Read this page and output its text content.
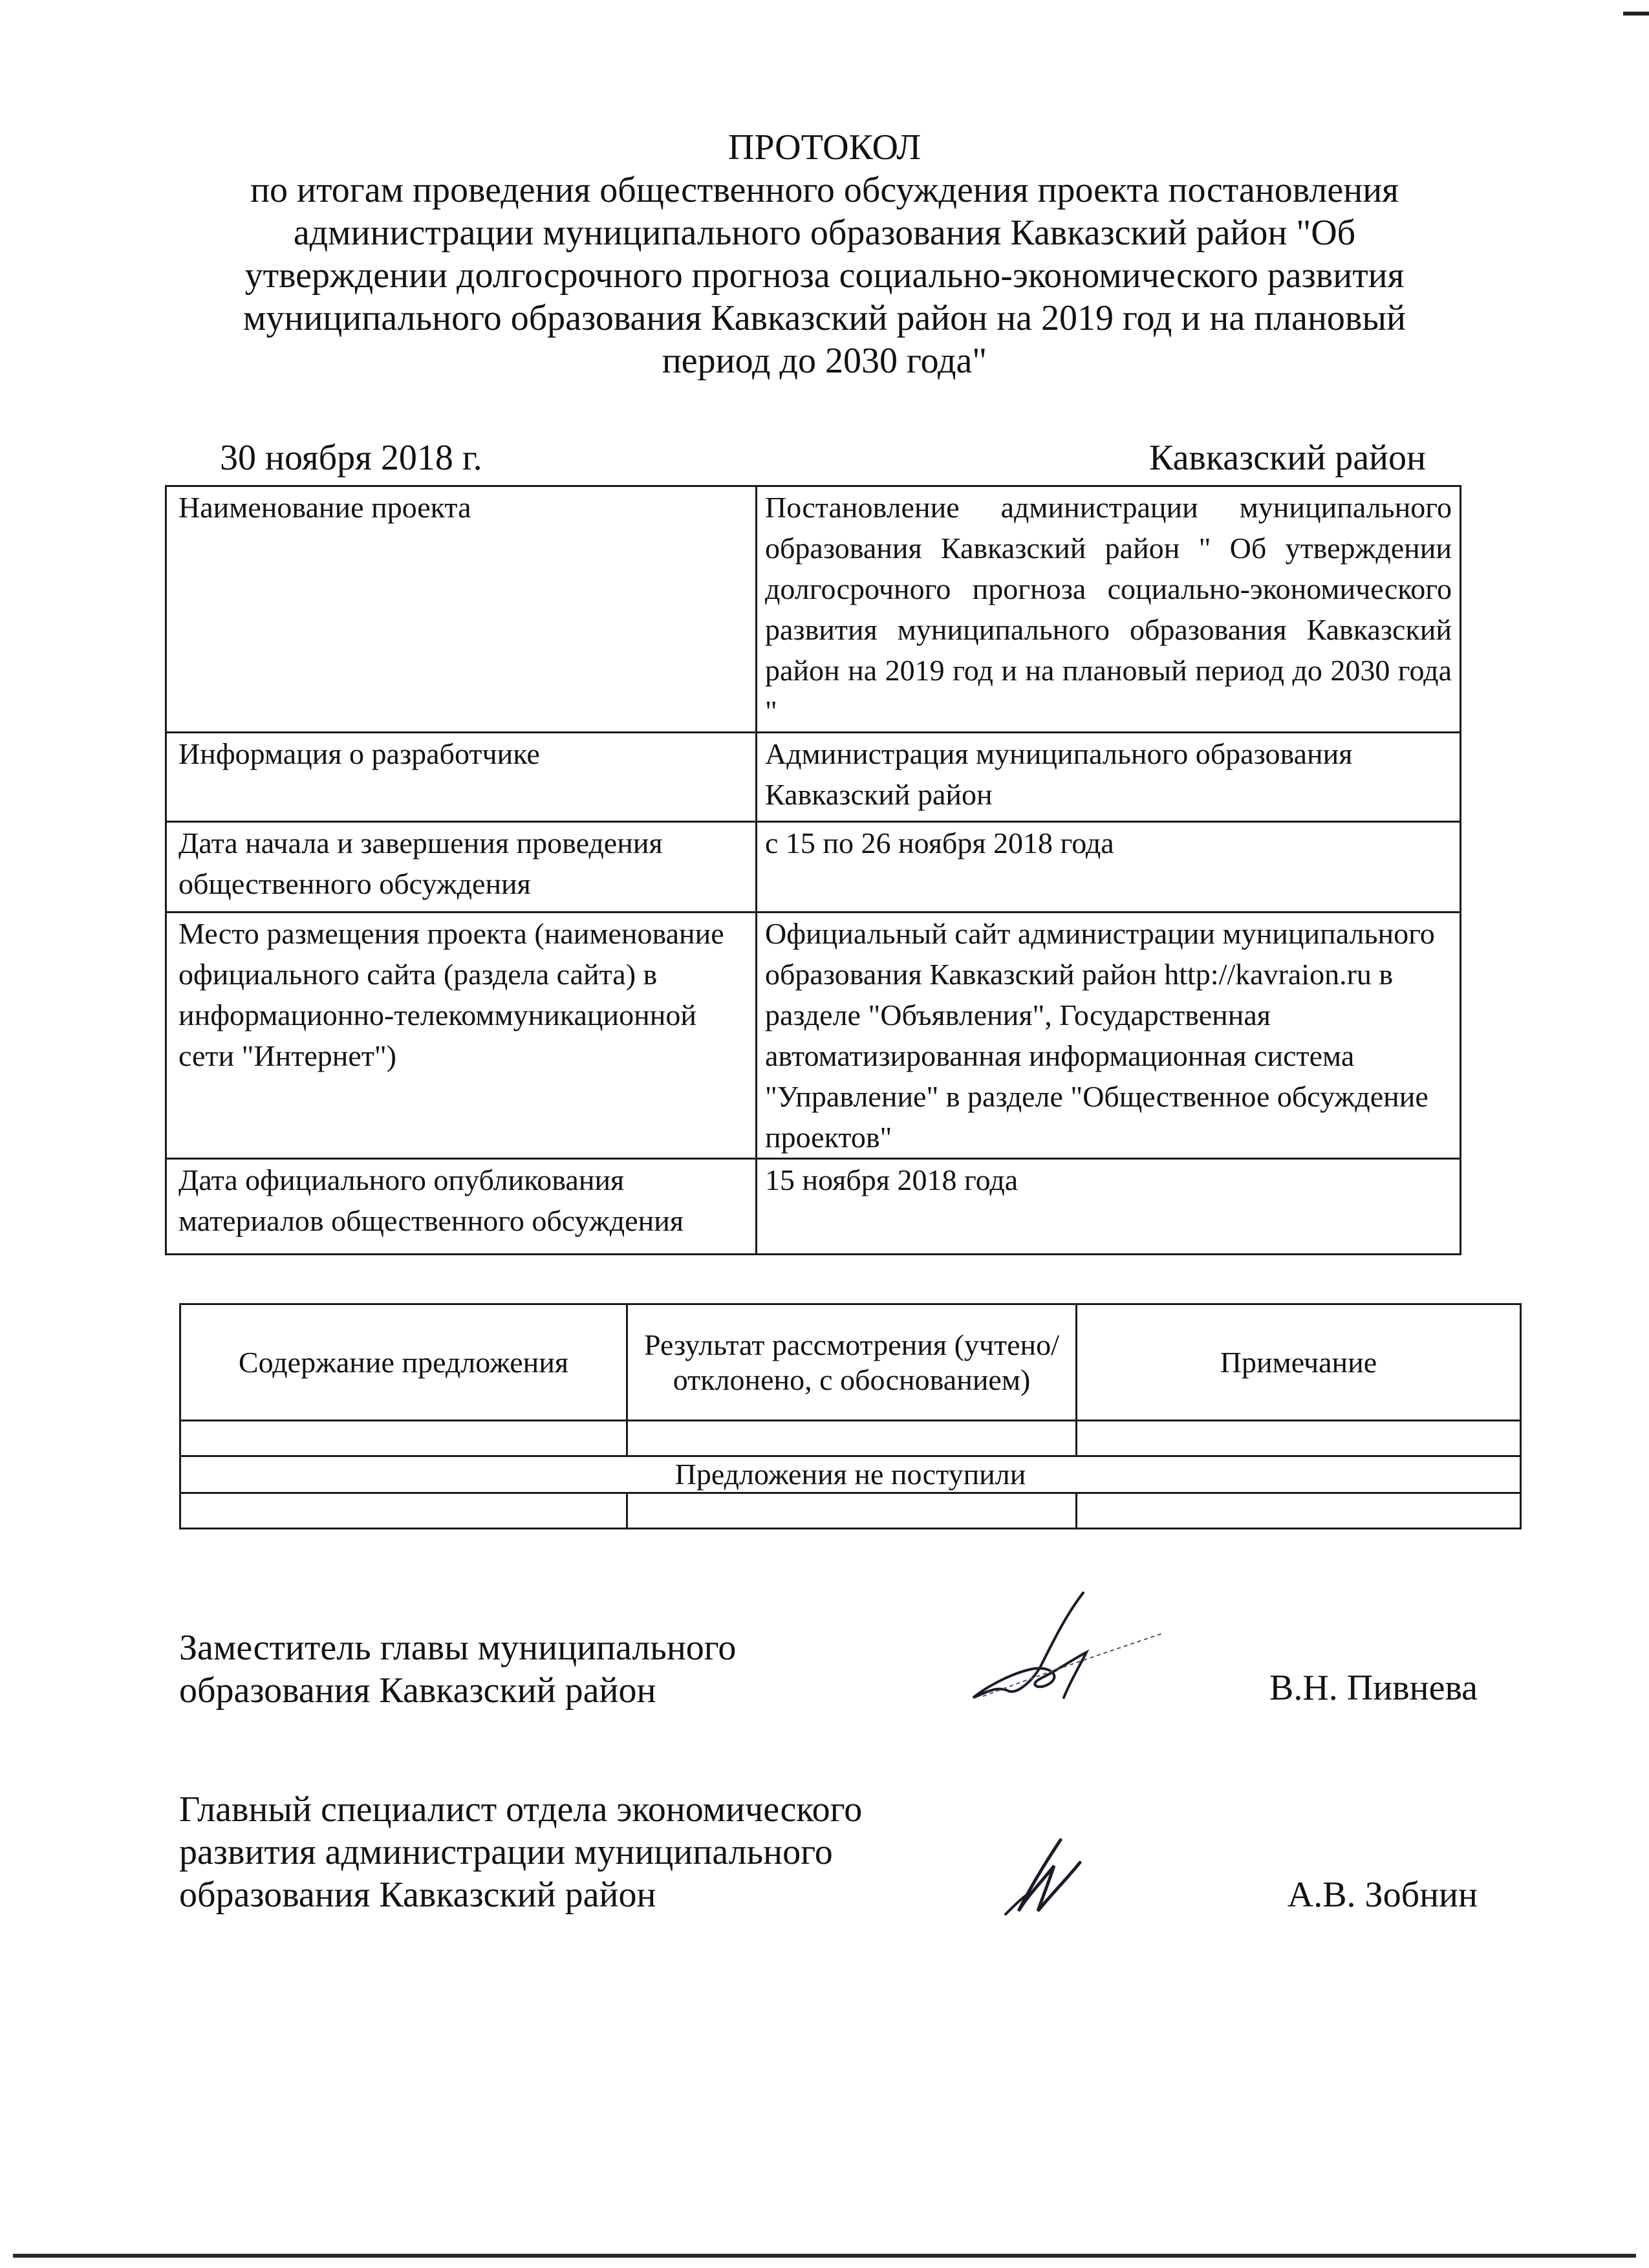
ПРОТОКОЛ
по итогам проведения общественного обсуждения проекта постановления
администрации муниципального образования Кавказский район "Об
утверждении долгосрочного прогноза социально-экономического развития
муниципального образования Кавказский район на 2019 год и на плановый
период до 2030 года"
30 ноября 2018 г.	Кавказский район
Наименование проекта	Постановление администрации муниципального образования Кавказский район " Об утверждении долгосрочного прогноза социально-экономического развития муниципального образования Кавказский район на 2019 год и на плановый период до 2030 года "
Информация о разработчике	Администрация муниципального образования Кавказский район
Дата начала и завершения проведения общественного обсуждения	с 15 по 26 ноября 2018 года
Место размещения проекта (наименование официального сайта (раздела сайта) в информационно-телекоммуникационной сети "Интернет")	Официальный сайт администрации муниципального образования Кавказский район http://kavraion.ru в разделе "Объявления", Государственная автоматизированная информационная система "Управление" в разделе "Общественное обсуждение проектов"
Дата официального опубликования материалов общественного обсуждения	15 ноября 2018 года
Содержание предложения	Результат рассмотрения (учтено/отклонено, с обоснованием)	Примечание

Предложения не поступили		

Заместитель главы муниципального
образования Кавказский район	В.Н. Пивнева
Главный специалист отдела экономического
развития администрации муниципального
образования Кавказский район	А.В. Зобнин
